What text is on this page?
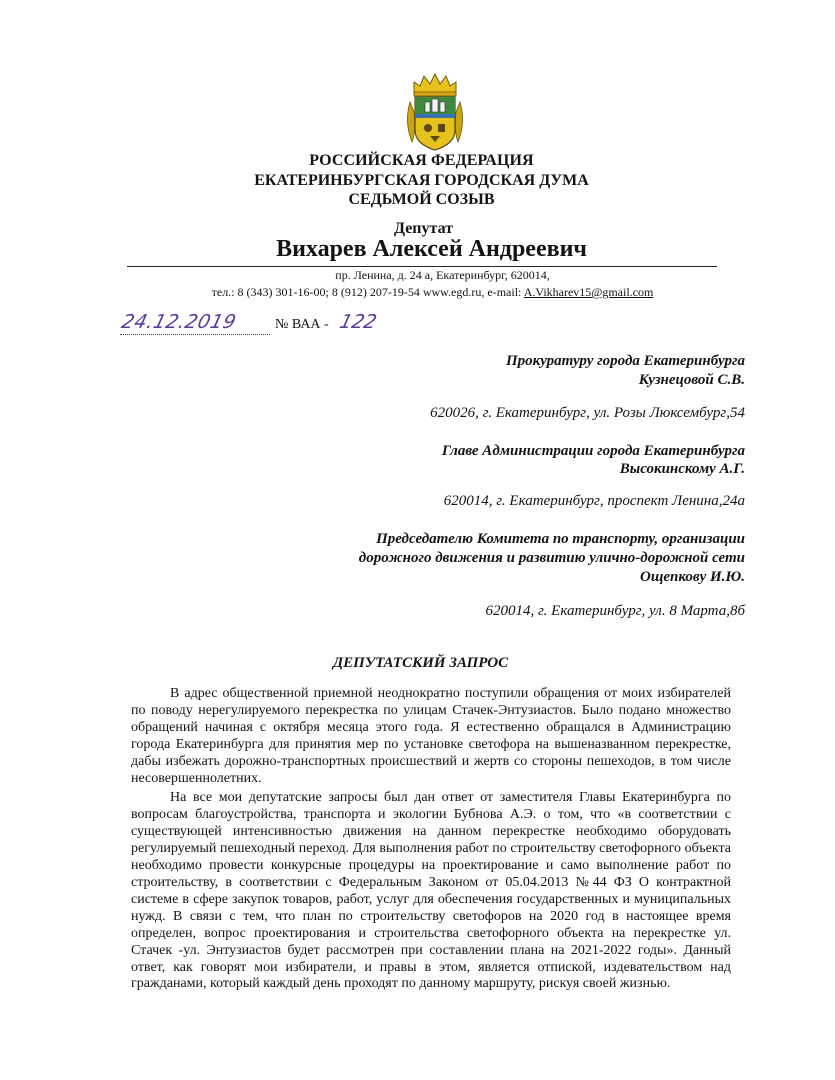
РОССИЙСКАЯ ФЕДЕРАЦИЯ
ЕКАТЕРИНБУРГСКАЯ ГОРОДСКАЯ ДУМА
СЕДЬМОЙ СОЗЫВ
Депутат
Вихарев Алексей Андреевич
пр. Ленина, д. 24 а, Екатеринбург, 620014,
тел.: 8 (343) 301-16-00; 8 (912) 207-19-54 www.egd.ru, e-mail: A.Vikharev15@gmail.com
24.12.2019	№ ВАА - 122
Прокуратуру города Екатеринбурга
Кузнецовой С.В.
620026, г. Екатеринбург, ул. Розы Люксембург,54
Главе Администрации города Екатеринбурга
Высокинскому А.Г.
620014, г. Екатеринбург, проспект Ленина,24а
Председателю Комитета по транспорту, организации
дорожного движения и развитию улично-дорожной сети
Ощепкову И.Ю.
620014, г. Екатеринбург, ул. 8 Марта,8б
ДЕПУТАТСКИЙ ЗАПРОС

В адрес общественной приемной неоднократно поступили обращения от моих избирателей по поводу нерегулируемого перекрестка по улицам Стачек-Энтузиастов. Было подано множество обращений начиная с октября месяца этого года. Я естественно обращался в Администрацию города Екатеринбурга для принятия мер по установке светофора на вышеназванном перекрестке, дабы избежать дорожно-транспортных происшествий и жертв со стороны пешеходов, в том числе несовершеннолетних.

На все мои депутатские запросы был дан ответ от заместителя Главы Екатеринбурга по вопросам благоустройства, транспорта и экологии Бубнова А.Э. о том, что «в соответствии с существующей интенсивностью движения на данном перекрестке необходимо оборудовать регулируемый пешеходный переход. Для выполнения работ по строительству светофорного объекта необходимо провести конкурсные процедуры на проектирование и само выполнение работ по строительству, в соответствии с Федеральным Законом от 05.04.2013 №44 ФЗ О контрактной системе в сфере закупок товаров, работ, услуг для обеспечения государственных и муниципальных нужд. В связи с тем, что план по строительству светофоров на 2020 год в настоящее время определен, вопрос проектирования и строительства светофорного объекта на перекрестке ул. Стачек -ул. Энтузиастов будет рассмотрен при составлении плана на 2021-2022 годы». Данный ответ, как говорят мои избиратели, и правы в этом, является отпиской, издевательством над гражданами, который каждый день проходят по данному маршруту, рискуя своей жизнью.
